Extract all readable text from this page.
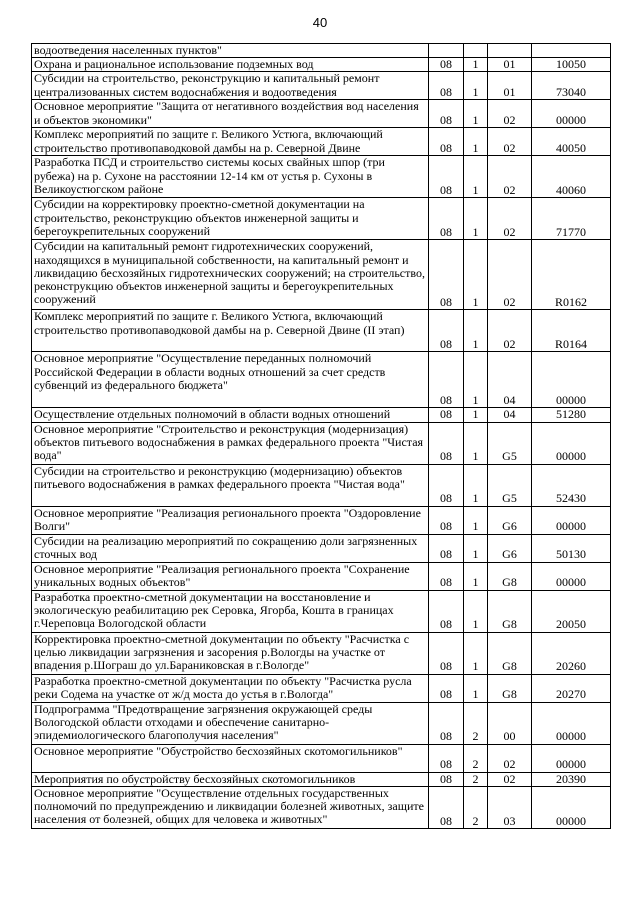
40
водоотведения населенных пунктов"				
Охрана и рациональное использование подземных вод	08	1	01	10050
Субсидии на строительство, реконструкцию и капитальный ремонт централизованных систем водоснабжения и водоотведения	08	1	01	73040
Основное мероприятие "Защита от негативного воздействия вод населения и объектов экономики"	08	1	02	00000
Комплекс мероприятий по защите г. Великого Устюга, включающий строительство противопаводковой дамбы на р. Северной Двине	08	1	02	40050
Разработка ПСД и строительство системы косых свайных шпор (три рубежа) на р. Сухоне на расстоянии 12-14 км от устья р. Сухоны в Великоустюгском районе	08	1	02	40060
Субсидии на корректировку проектно-сметной документации на строительство, реконструкцию объектов инженерной защиты и берегоукрепительных сооружений	08	1	02	71770
Субсидии на капитальный ремонт гидротехнических сооружений, находящихся в муниципальной собственности, на капитальный ремонт и ликвидацию бесхозяйных гидротехнических сооружений; на строительство, реконструкцию объектов инженерной защиты и берегоукрепительных сооружений	08	1	02	R0162
Комплекс мероприятий по защите г. Великого Устюга, включающий строительство противопаводковой дамбы на р. Северной Двине (II этап)	08	1	02	R0164
Основное мероприятие "Осуществление переданных полномочий Российской Федерации в области водных отношений за счет средств субвенций из федерального бюджета"	08	1	04	00000
Осуществление отдельных полномочий в области водных отношений	08	1	04	51280
Основное мероприятие "Строительство и реконструкция (модернизация) объектов питьевого водоснабжения в рамках федерального проекта "Чистая вода"	08	1	G5	00000
Субсидии на строительство и реконструкцию (модернизацию) объектов питьевого водоснабжения в рамках федерального проекта "Чистая вода"	08	1	G5	52430
Основное мероприятие "Реализация регионального проекта "Оздоровление Волги"	08	1	G6	00000
Субсидии на реализацию мероприятий по сокращению доли загрязненных сточных вод	08	1	G6	50130
Основное мероприятие "Реализация регионального проекта "Сохранение уникальных водных объектов"	08	1	G8	00000
Разработка проектно-сметной документации на восстановление и экологическую реабилитацию рек Серовка, Ягорба, Кошта в границах г.Череповца Вологодской области	08	1	G8	20050
Корректировка проектно-сметной документации по объекту "Расчистка с целью ликвидации загрязнения и засорения р.Вологды на участке от впадения р.Шограш до ул.Бараниковская в г.Вологде"	08	1	G8	20260
Разработка проектно-сметной документации по объекту "Расчистка русла реки Содема на участке от ж/д моста до устья в г.Вологда"	08	1	G8	20270
Подпрограмма "Предотвращение загрязнения окружающей среды Вологодской области отходами и обеспечение санитарно-эпидемиологического благополучия населения"	08	2	00	00000
Основное мероприятие "Обустройство бесхозяйных скотомогильников"	08	2	02	00000
Мероприятия по обустройству бесхозяйных скотомогильников	08	2	02	20390
Основное мероприятие "Осуществление отдельных государственных полномочий по предупреждению и ликвидации болезней животных, защите населения от болезней, общих для человека и животных"	08	2	03	00000
